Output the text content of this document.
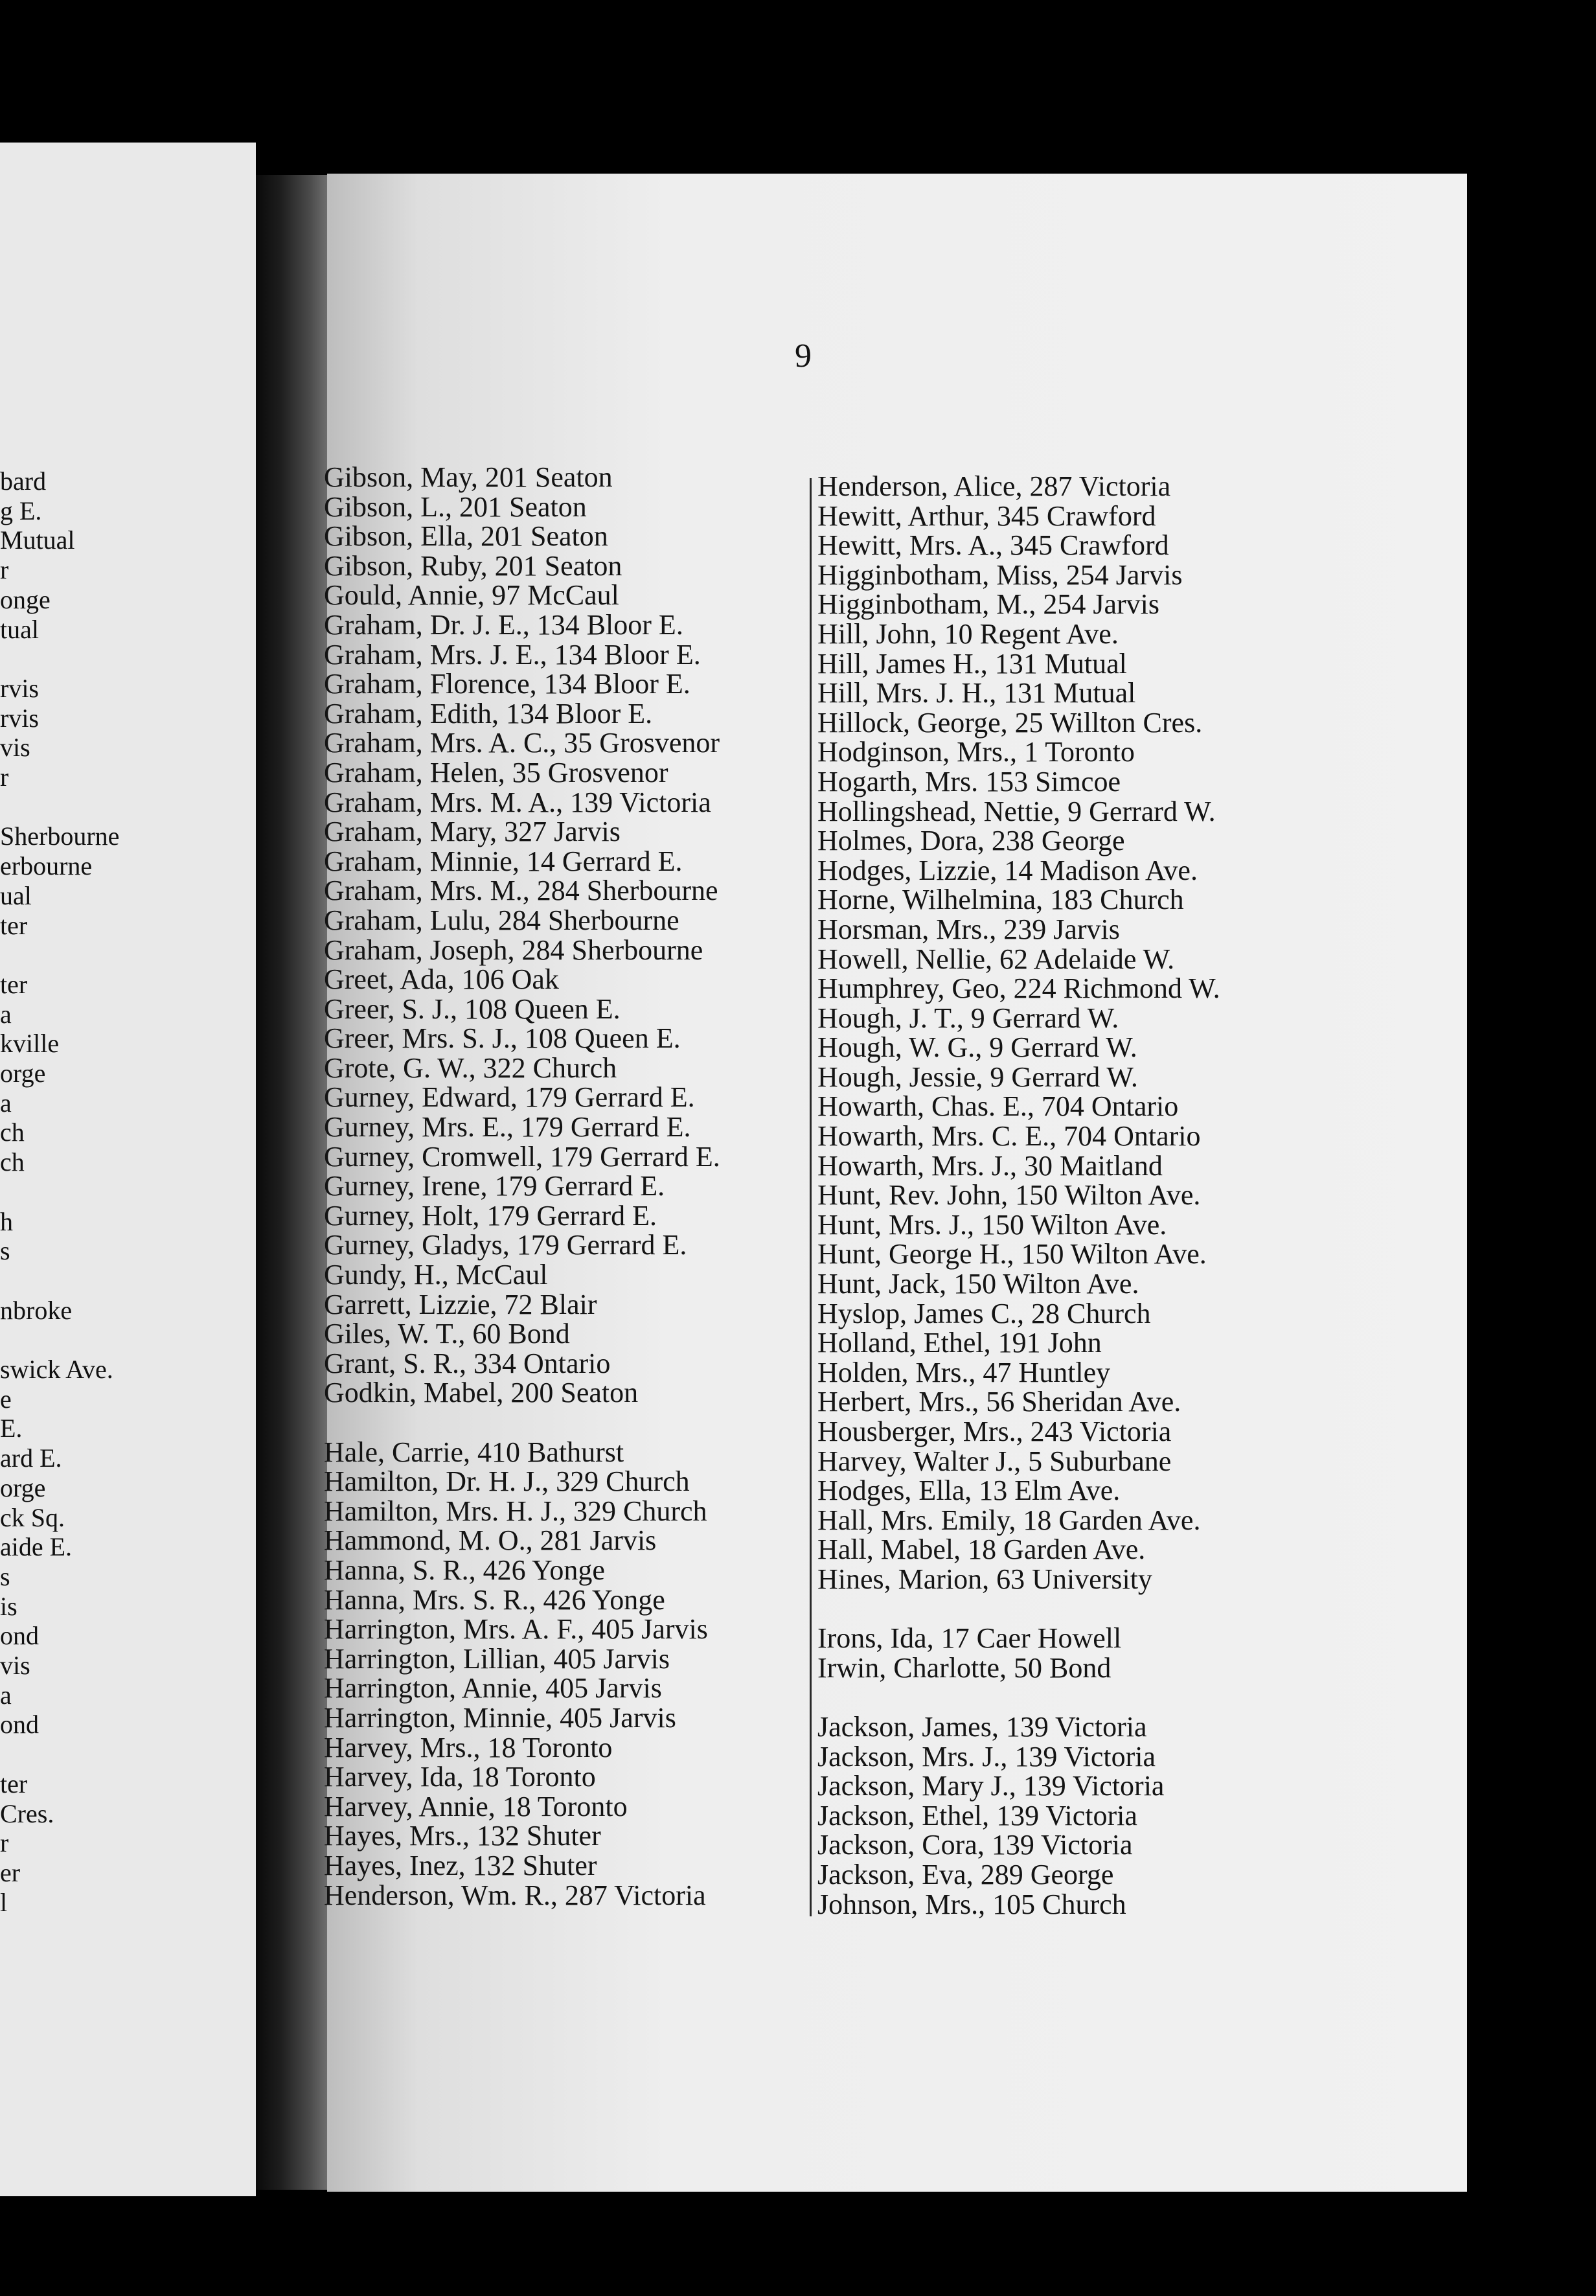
bard
g E.
Mutual
r
onge
tual
rvis
rvis
vis
r
Sherbourne
erbourne
ual
ter
ter
a
kville
orge
a
ch
ch
h
s
nbroke
swick Ave.
e
E.
ard E.
orge
ck Sq.
aide E.
s
is
ond
vis
a
ond
ter
Cres.
r
er
l
9
Gibson, May, 201 Seaton
Gibson, L., 201 Seaton
Gibson, Ella, 201 Seaton
Gibson, Ruby, 201 Seaton
Gould, Annie, 97 McCaul
Graham, Dr. J. E., 134 Bloor E.
Graham, Mrs. J. E., 134 Bloor E.
Graham, Florence, 134 Bloor E.
Graham, Edith, 134 Bloor E.
Graham, Mrs. A. C., 35 Grosvenor
Graham, Helen, 35 Grosvenor
Graham, Mrs. M. A., 139 Victoria
Graham, Mary, 327 Jarvis
Graham, Minnie, 14 Gerrard E.
Graham, Mrs. M., 284 Sherbourne
Graham, Lulu, 284 Sherbourne
Graham, Joseph, 284 Sherbourne
Greet, Ada, 106 Oak
Greer, S. J., 108 Queen E.
Greer, Mrs. S. J., 108 Queen E.
Grote, G. W., 322 Church
Gurney, Edward, 179 Gerrard E.
Gurney, Mrs. E., 179 Gerrard E.
Gurney, Cromwell, 179 Gerrard E.
Gurney, Irene, 179 Gerrard E.
Gurney, Holt, 179 Gerrard E.
Gurney, Gladys, 179 Gerrard E.
Gundy, H., McCaul
Garrett, Lizzie, 72 Blair
Giles, W. T., 60 Bond
Grant, S. R., 334 Ontario
Godkin, Mabel, 200 Seaton
Hale, Carrie, 410 Bathurst
Hamilton, Dr. H. J., 329 Church
Hamilton, Mrs. H. J., 329 Church
Hammond, M. O., 281 Jarvis
Hanna, S. R., 426 Yonge
Hanna, Mrs. S. R., 426 Yonge
Harrington, Mrs. A. F., 405 Jarvis
Harrington, Lillian, 405 Jarvis
Harrington, Annie, 405 Jarvis
Harrington, Minnie, 405 Jarvis
Harvey, Mrs., 18 Toronto
Harvey, Ida, 18 Toronto
Harvey, Annie, 18 Toronto
Hayes, Mrs., 132 Shuter
Hayes, Inez, 132 Shuter
Henderson, Wm. R., 287 Victoria
Henderson, Alice, 287 Victoria
Hewitt, Arthur, 345 Crawford
Hewitt, Mrs. A., 345 Crawford
Higginbotham, Miss, 254 Jarvis
Higginbotham, M., 254 Jarvis
Hill, John, 10 Regent Ave.
Hill, James H., 131 Mutual
Hill, Mrs. J. H., 131 Mutual
Hillock, George, 25 Willton Cres.
Hodginson, Mrs., 1 Toronto
Hogarth, Mrs. 153 Simcoe
Hollingshead, Nettie, 9 Gerrard W.
Holmes, Dora, 238 George
Hodges, Lizzie, 14 Madison Ave.
Horne, Wilhelmina, 183 Church
Horsman, Mrs., 239 Jarvis
Howell, Nellie, 62 Adelaide W.
Humphrey, Geo, 224 Richmond W.
Hough, J. T., 9 Gerrard W.
Hough, W. G., 9 Gerrard W.
Hough, Jessie, 9 Gerrard W.
Howarth, Chas. E., 704 Ontario
Howarth, Mrs. C. E., 704 Ontario
Howarth, Mrs. J., 30 Maitland
Hunt, Rev. John, 150 Wilton Ave.
Hunt, Mrs. J., 150 Wilton Ave.
Hunt, George H., 150 Wilton Ave.
Hunt, Jack, 150 Wilton Ave.
Hyslop, James C., 28 Church
Holland, Ethel, 191 John
Holden, Mrs., 47 Huntley
Herbert, Mrs., 56 Sheridan Ave.
Housberger, Mrs., 243 Victoria
Harvey, Walter J., 5 Suburbane
Hodges, Ella, 13 Elm Ave.
Hall, Mrs. Emily, 18 Garden Ave.
Hall, Mabel, 18 Garden Ave.
Hines, Marion, 63 University
Irons, Ida, 17 Caer Howell
Irwin, Charlotte, 50 Bond
Jackson, James, 139 Victoria
Jackson, Mrs. J., 139 Victoria
Jackson, Mary J., 139 Victoria
Jackson, Ethel, 139 Victoria
Jackson, Cora, 139 Victoria
Jackson, Eva, 289 George
Johnson, Mrs., 105 Church
